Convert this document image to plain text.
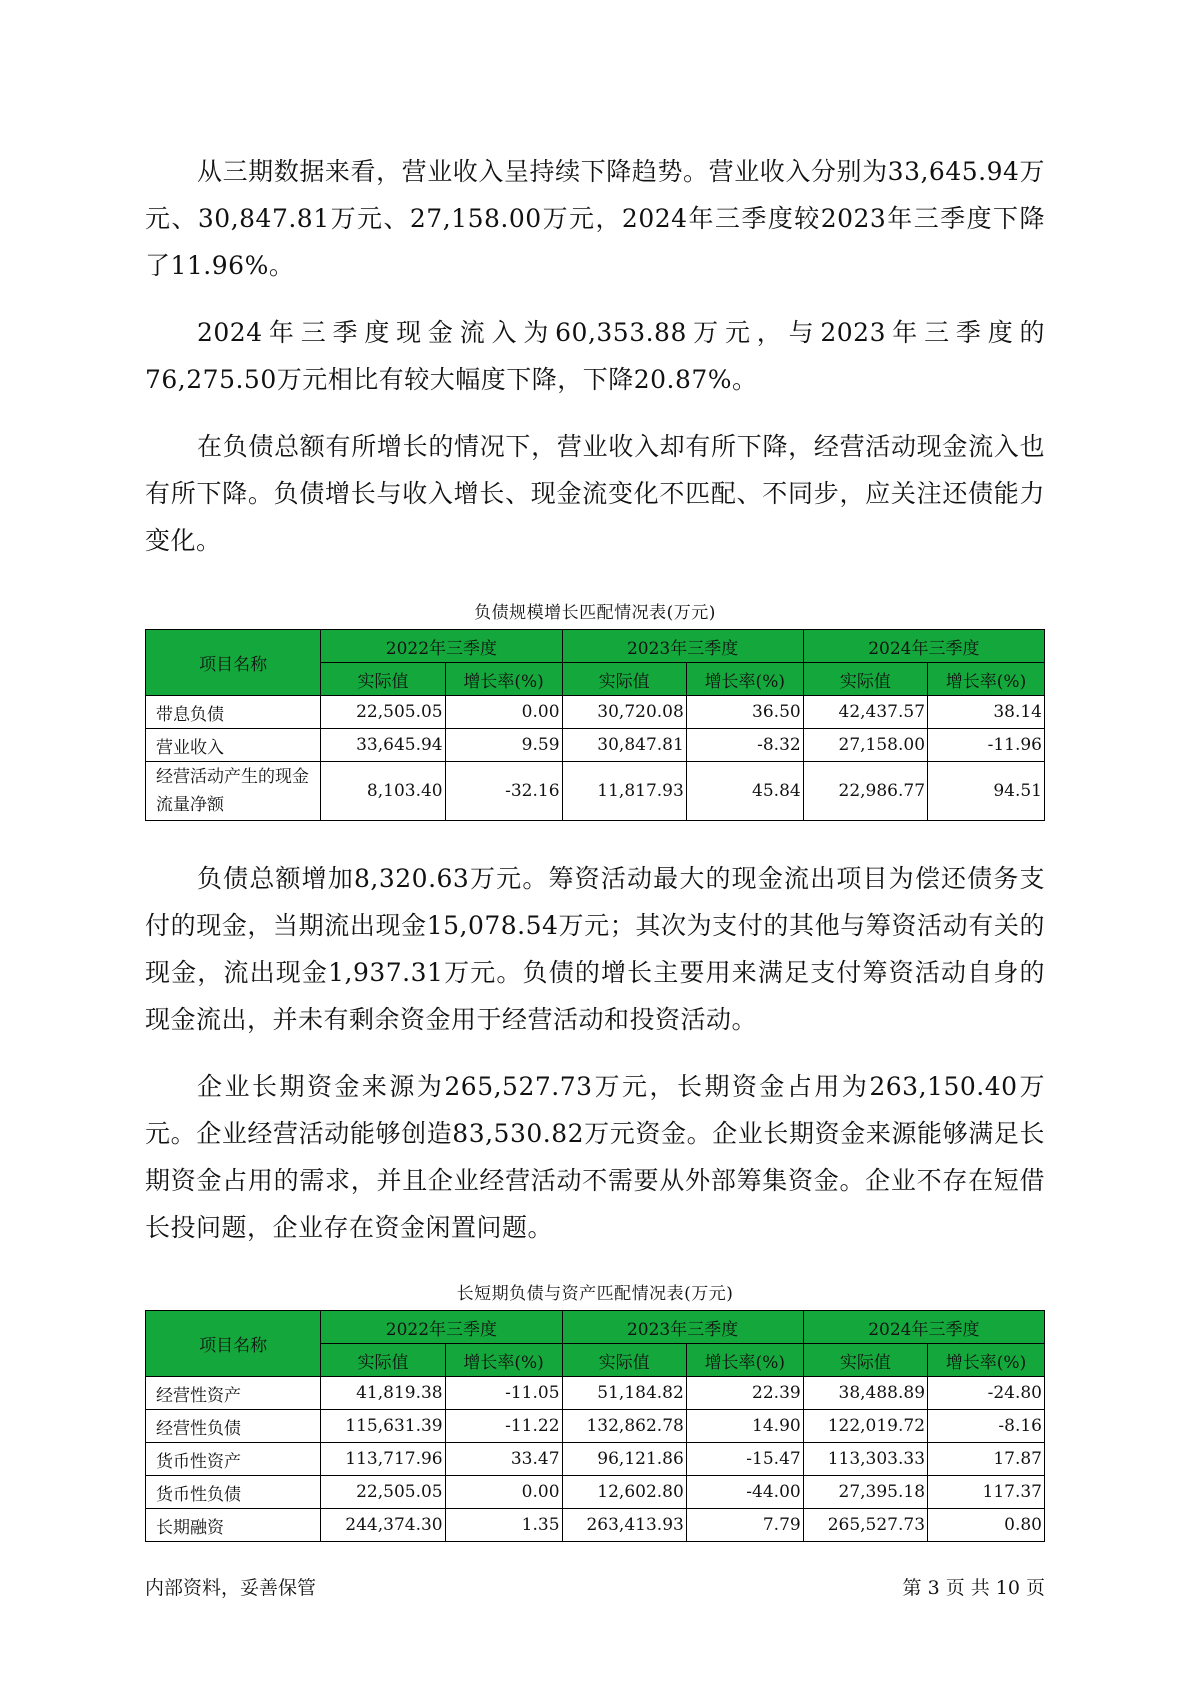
从三期数据来看，营业收入呈持续下降趋势。营业收入分别为33,645.94万元、30,847.81万元、27,158.00万元，2024年三季度较2023年三季度下降了11.96%。

2024年三季度现金流入为60,353.88万元，与2023年三季度的76,275.50万元相比有较大幅度下降，下降20.87%。

在负债总额有所增长的情况下，营业收入却有所下降，经营活动现金流入也有所下降。负债增长与收入增长、现金流变化不匹配、不同步，应关注还债能力变化。

负债规模增长匹配情况表(万元)
项目名称	2022年三季度		2023年三季度		2024年三季度	
	实际值	增长率(%)	实际值	增长率(%)	实际值	增长率(%)
带息负债	22,505.05	0.00	30,720.08	36.50	42,437.57	38.14
营业收入	33,645.94	9.59	30,847.81	-8.32	27,158.00	-11.96
经营活动产生的现金流量净额	8,103.40	-32.16	11,817.93	45.84	22,986.77	94.51

负债总额增加8,320.63万元。筹资活动最大的现金流出项目为偿还债务支付的现金，当期流出现金15,078.54万元；其次为支付的其他与筹资活动有关的现金，流出现金1,937.31万元。负债的增长主要用来满足支付筹资活动自身的现金流出，并未有剩余资金用于经营活动和投资活动。

企业长期资金来源为265,527.73万元，长期资金占用为263,150.40万元。企业经营活动能够创造83,530.82万元资金。企业长期资金来源能够满足长期资金占用的需求，并且企业经营活动不需要从外部筹集资金。企业不存在短借长投问题，企业存在资金闲置问题。

长短期负债与资产匹配情况表(万元)
项目名称	2022年三季度		2023年三季度		2024年三季度	
	实际值	增长率(%)	实际值	增长率(%)	实际值	增长率(%)
经营性资产	41,819.38	-11.05	51,184.82	22.39	38,488.89	-24.80
经营性负债	115,631.39	-11.22	132,862.78	14.90	122,019.72	-8.16
货币性资产	113,717.96	33.47	96,121.86	-15.47	113,303.33	17.87
货币性负债	22,505.05	0.00	12,602.80	-44.00	27,395.18	117.37
长期融资	244,374.30	1.35	263,413.93	7.79	265,527.73	0.80
内部资料，妥善保管	第 3 页 共 10 页
